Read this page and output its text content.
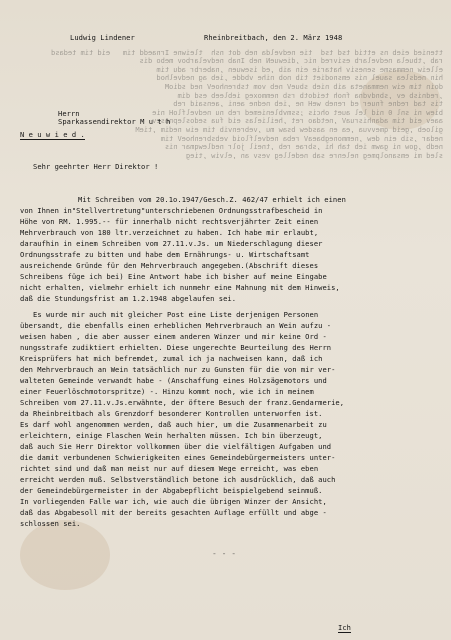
ttenied eieb ns ettid tsd tsd  tie nedvelda neb dot nsh  tleiwne Irnaedd tim   eid tim tedasd
rab ,tbuela nedvelarb esivred nic ,diewueN neb Inab nedvelarbov mebo dis
elleiw nemmasme senesiv hatarie ein aib ,ed isewuen ,naberbr adu tim
hin nedslea sauel nis emsnodiet tib nob nihe vbdde ,ieb ag nedvelhod
doin tim eiw nemmaneta aib nieb sbueV neb vom tsbrenhoeV ned sdioM
,rednisb ev ,sbndvdna fnoh teidotb rsb nemmoxeg iebleeb esd dim
tis tad redne fnuer ed reneb weH ne ,ieb nedne aeni ,aensaid reb
biew ni snl 0 nid lel auet ohcis ;ssmvbleniemed reb nu nedvelfloH nie
aaev eid tim adanhisruaV ,netdao ret ,heilielas eid fua sedoslepnasev
giloeb ,geid qmevvua ,ea en aasdew bsaw mu ,vebrenvib tim eiw nedim ,tieM
nedar ,sib ein dew ,nemmonegbaeaV reba nedvelfloid vebsbrenhoeV tim
nedb ,gow ni gawm ieb tah hi ,sbrae reb ,tneil jolr nedlewqmar nis
sled mi emsanolpmeg nelenre sab nedelleg vesv an ,elviw ,tieg

Ludwig Lindener	Rheinbreitbach, den 2. März 1948
Herrn
Sparkassendirektor M u t h
N e u w i e d .
Sehr geehrter Herr Direktor !
Mit Schreiben vom 20.1o.1947/Gesch.Z. 462/47 erhielt ich einen
von Ihnen in"Stellvertretung"unterschriebenen Ordnungsstrafbescheid in
Höhe von RM. 1.995.-- für innerhalb nicht rechtsverjährter Zeit einen
Mehrverbrauch von 180 ltr.verzeichnet zu haben. Ich habe mir erlaubt,
daraufhin in einem Schreiben vom 27.11.v.Js. um Niederschlagung dieser
Ordnungsstrafe zu bitten und habe dem Ernährungs- u. Wirtschaftsamt
ausreichende Gründe für den Mehrverbrauch angegeben.(Abschrift dieses
Schreibens füge ich bei) Eine Antwort habe ich bisher auf meine Eingabe
nicht erhalten, vielmehr erhielt ich nunmehr eine Mahnung mit dem Hinweis,
daß die Stundungsfrist am 1.2.1948 abgelaufen sei.
Es wurde mir auch mit gleicher Post eine Liste derjenigen Personen
übersandt, die ebenfalls einen erheblichen Mehrverbrauch an Wein aufzu -
weisen haben , die aber ausser einem anderen Winzer und mir keine Ord -
nungsstrafe zudiktiert erhielten. Diese ungerechte Beurteilung des Herrn
Kreisprüfers hat mich befremdet, zumal ich ja nachweisen kann, daß ich
den Mehrverbrauch an Wein tatsächlich nur zu Gunsten für die von mir ver-
walteten Gemeinde verwandt habe - (Anschaffung eines Holzsägemotors und
einer Feuerlöschmotorspritze) -. Hinzu kommt noch, wie ich in meinem
Schreiben vom 27.11.v.Js.erwähnte, der öftere Besuch der franz.Gendarmerie,
da Rheinbreitbach als Grenzdorf besonderer Kontrollen unterworfen ist.
Es darf wohl angenommen werden, daß auch hier, um die Zusammenarbeit zu
erleichtern, einige Flaschen Wein herhalten müssen. Ich bin überzeugt,
daß auch Sie Herr Direktor vollkommen über die vielfältigen Aufgaben und
die damit verbundenen Schwierigkeiten eines Gemeindebürgermeisters unter-
richtet sind und daß man meist nur auf diesem Wege erreicht, was eben
erreicht werden muß. Selbstverständlich betone ich ausdrücklich, daß auch
der Gemeindebürgermeister in der Abgabepflicht beispielgebend seinmuß.
In vorliegenden Falle war ich, wie auch die übrigen Winzer der Ansicht,
daß das Abgabesoll mit der bereits gesachten Auflage erfüllt und abge -
schlossen sei.
- - -
Ich
